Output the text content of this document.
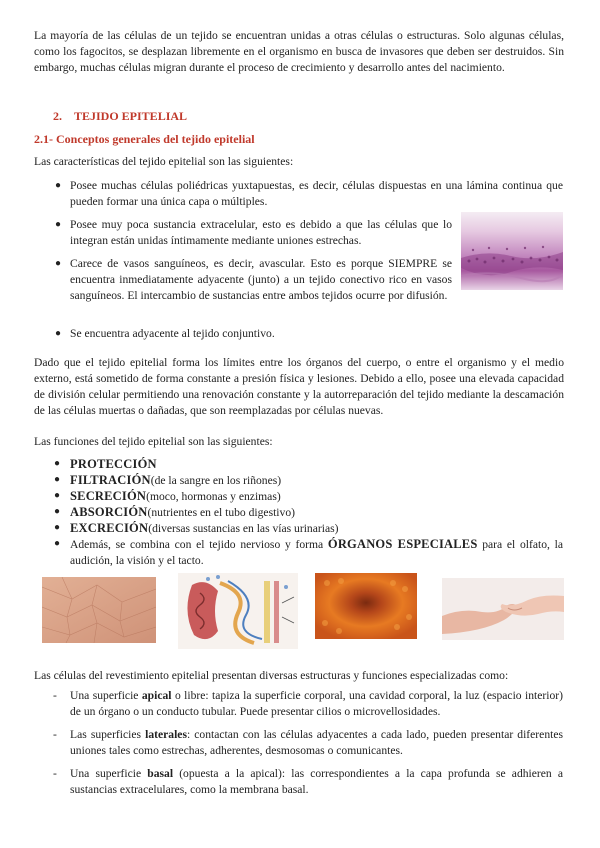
La mayoría de las células de un tejido se encuentran unidas a otras células o estructuras. Solo algunas células, como los fagocitos, se desplazan libremente en el organismo en busca de invasores que deben ser destruidos. Sin embargo, muchas células migran durante el proceso de crecimiento y desarrollo antes del nacimiento.

2. TEJIDO EPITELIAL

2.1- Conceptos generales del tejido epitelial

Las características del tejido epitelial son las siguientes:

● Posee muchas células poliédricas yuxtapuestas, es decir, células dispuestas en una lámina continua que pueden formar una única capa o múltiples.

● Posee muy poca sustancia extracelular, esto es debido a que las células que lo integran están unidas íntimamente mediante uniones estrechas.

● Carece de vasos sanguíneos, es decir, avascular. Esto es porque SIEMPRE se encuentra inmediatamente adyacente (junto) a un tejido conectivo rico en vasos sanguíneos. El intercambio de sustancias entre ambos tejidos ocurre por difusión.

● Se encuentra adyacente al tejido conjuntivo.

Dado que el tejido epitelial forma los límites entre los órganos del cuerpo, o entre el organismo y el medio externo, está sometido de forma constante a presión física y lesiones. Debido a ello, posee una elevada capacidad de división celular permitiendo una renovación constante y la autorreparación del tejido mediante la descamación de las células muertas o dañadas, que son reemplazadas por células nuevas.

Las funciones del tejido epitelial son las siguientes:

● PROTECCIÓN

● FILTRACIÓN(de la sangre en los riñones)

● SECRECIÓN(moco, hormonas y enzimas)

● ABSORCIÓN(nutrientes en el tubo digestivo)

● EXCRECIÓN(diversas sustancias en las vías urinarias)

● Además, se combina con el tejido nervioso y forma ÓRGANOS ESPECIALES para el olfato, la audición, la visión y el tacto.

Las células del revestimiento epitelial presentan diversas estructuras y funciones especializadas como:

- Una superficie apical o libre: tapiza la superficie corporal, una cavidad corporal, la luz (espacio interior) de un órgano o un conducto tubular. Puede presentar cilios o microvellosidades.

- Las superficies laterales: contactan con las células adyacentes a cada lado, pueden presentar diferentes uniones tales como estrechas, adherentes, desmosomas o comunicantes.

- Una superficie basal (opuesta a la apical): las correspondientes a la capa profunda se adhieren a sustancias extracelulares, como la membrana basal.
